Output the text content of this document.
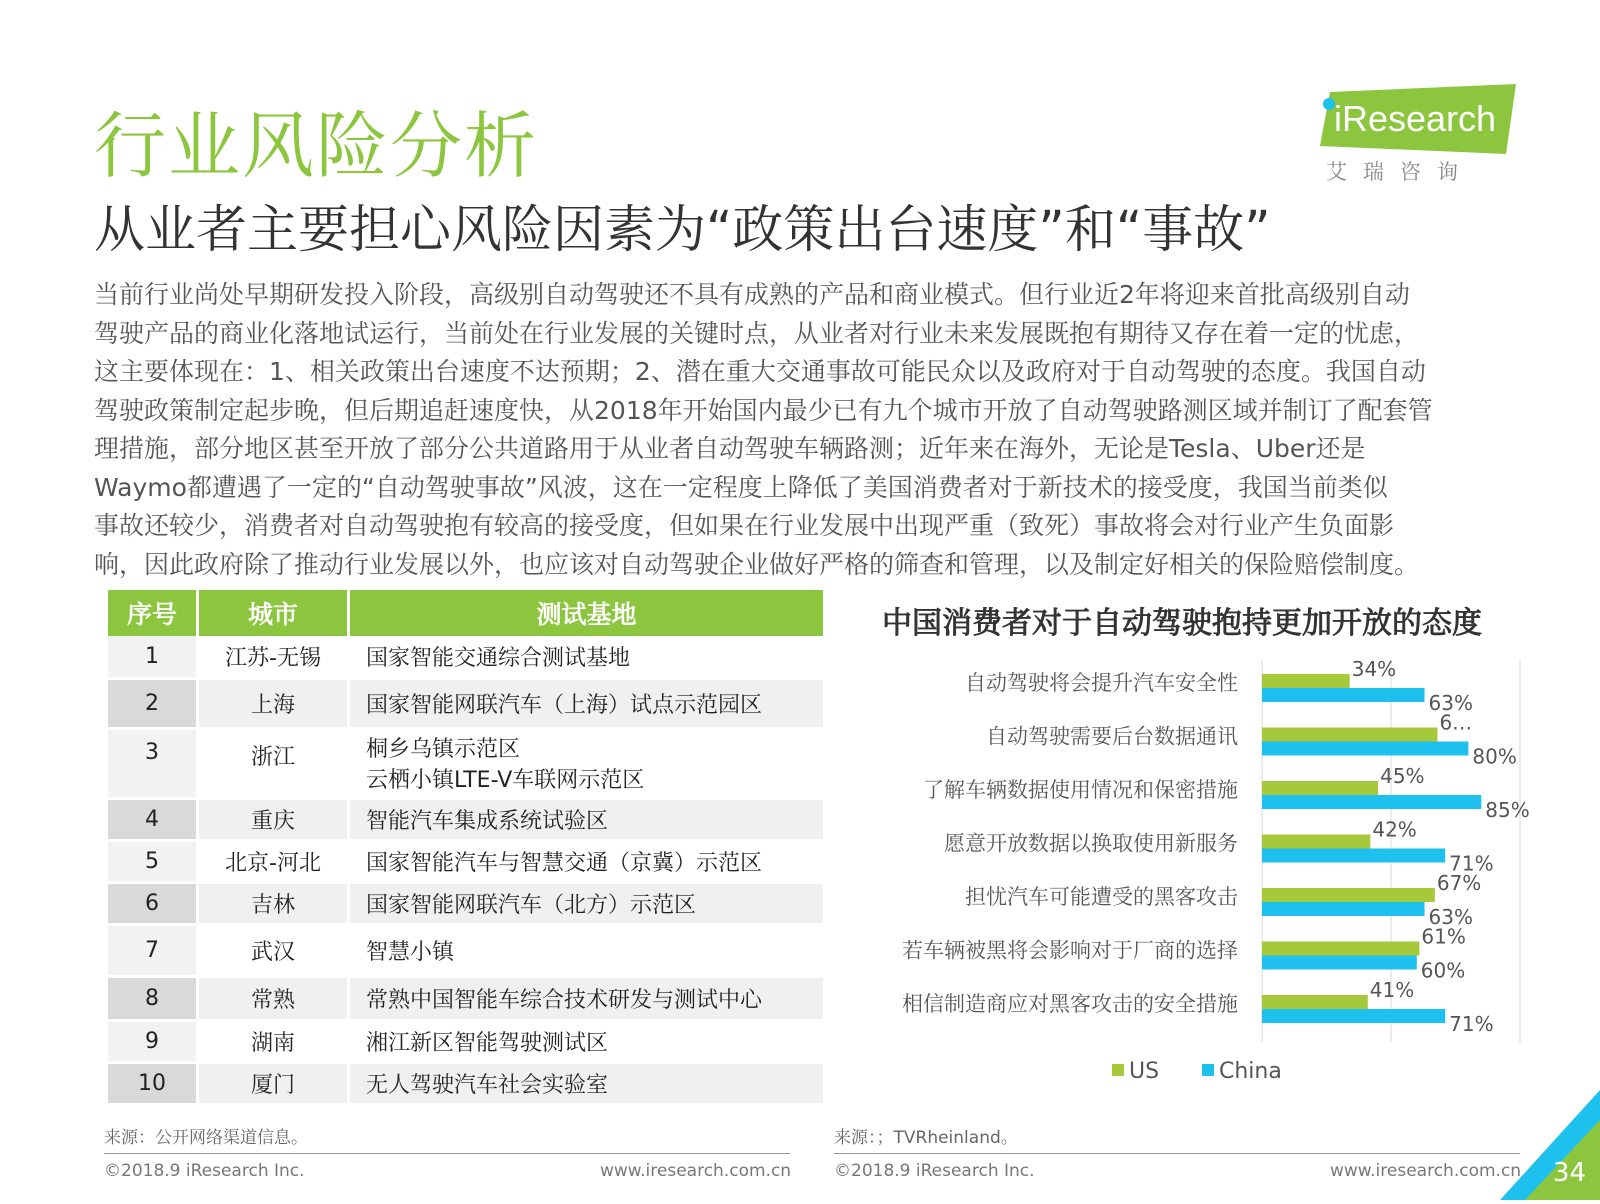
行业风险分析
从业者主要担心风险因素为“政策出台速度”和“事故”
iResearch
艾瑞咨询
当前行业尚处早期研发投入阶段，高级别自动驾驶还不具有成熟的产品和商业模式。但行业近2年将迎来首批高级别自动
驾驶产品的商业化落地试运行，当前处在行业发展的关键时点，从业者对行业未来发展既抱有期待又存在着一定的忧虑，
这主要体现在：1、相关政策出台速度不达预期；2、潜在重大交通事故可能民众以及政府对于自动驾驶的态度。我国自动
驾驶政策制定起步晚，但后期追赶速度快，从2018年开始国内最少已有九个城市开放了自动驾驶路测区域并制订了配套管
理措施，部分地区甚至开放了部分公共道路用于从业者自动驾驶车辆路测；近年来在海外，无论是Tesla、Uber还是
Waymo都遭遇了一定的“自动驾驶事故”风波，这在一定程度上降低了美国消费者对于新技术的接受度，我国当前类似
事故还较少，消费者对自动驾驶抱有较高的接受度，但如果在行业发展中出现严重（致死）事故将会对行业产生负面影
响，因此政府除了推动行业发展以外，也应该对自动驾驶企业做好严格的筛查和管理，以及制定好相关的保险赔偿制度。
序号	城市	测试基地
1	江苏-无锡	国家智能交通综合测试基地

2	上海	国家智能网联汽车（上海）试点示范园区

3	浙江	桐乡乌镇示范区
云栖小镇LTE-V车联网示范区

4	重庆	智能汽车集成系统试验区

5	北京-河北	国家智能汽车与智慧交通（京冀）示范区

6	吉林	国家智能网联汽车（北方）示范区

7	武汉	智慧小镇

8	常熟	常熟中国智能车综合技术研发与测试中心

9	湖南	湘江新区智能驾驶测试区

10	厦门	无人驾驶汽车社会实验室
中国消费者对于自动驾驶抱持更加开放的态度
自动驾驶将会提升汽车安全性
34%
63%
自动驾驶需要后台数据通讯
6…
80%
了解车辆数据使用情况和保密措施
45%
85%
愿意开放数据以换取使用新服务
42%
71%
担忧汽车可能遭受的黑客攻击
67%
63%
若车辆被黑将会影响对于厂商的选择
61%
60%
相信制造商应对黑客攻击的安全措施
41%
71%
US	China
来源：公开网络渠道信息。	来源：；TVRheinland。
©2018.9 iResearch Inc.	www.iresearch.com.cn	©2018.9 iResearch Inc.	www.iresearch.com.cn 34
